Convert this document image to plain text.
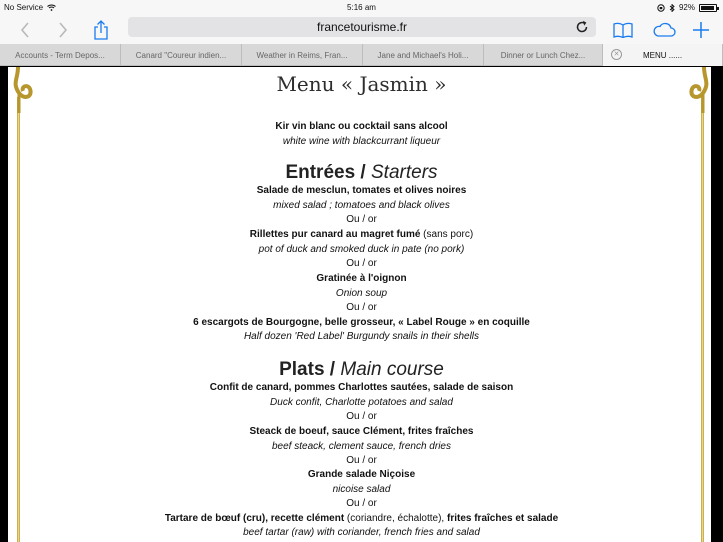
No Service	5:16 am	92%
francetourisme.fr
Accounts - Term Depos...	Canard "Coureur indien...	Weather in Reims, Fran...	Jane and Michael's Holi...	Dinner or Lunch Chez...	✕	MENU ......
Menu « Jasmin »
Kir vin blanc ou cocktail sans alcool
white wine with blackcurrant liqueur
Entrées / Starters
Salade de mesclun, tomates et olives noires
mixed salad ; tomatoes and black olives
Ou / or
Rillettes pur canard au magret fumé (sans porc)
pot of duck and smoked duck in pate (no pork)
Ou / or
Gratinée à l'oignon
Onion soup
Ou / or
6 escargots de Bourgogne, belle grosseur, « Label Rouge » en coquille
Half dozen 'Red Label' Burgundy snails in their shells
Plats / Main course
Confit de canard, pommes Charlottes sautées, salade de saison
Duck confit, Charlotte potatoes and salad
Ou / or
Steack de boeuf, sauce Clément, frites fraîches
beef steack, clement sauce, french dries
Ou / or
Grande salade Niçoise
nicoise salad
Ou / or
Tartare de bœuf (cru), recette clément (coriandre, échalotte), frites fraîches et salade
beef tartar (raw) with coriander, french fries and salad
